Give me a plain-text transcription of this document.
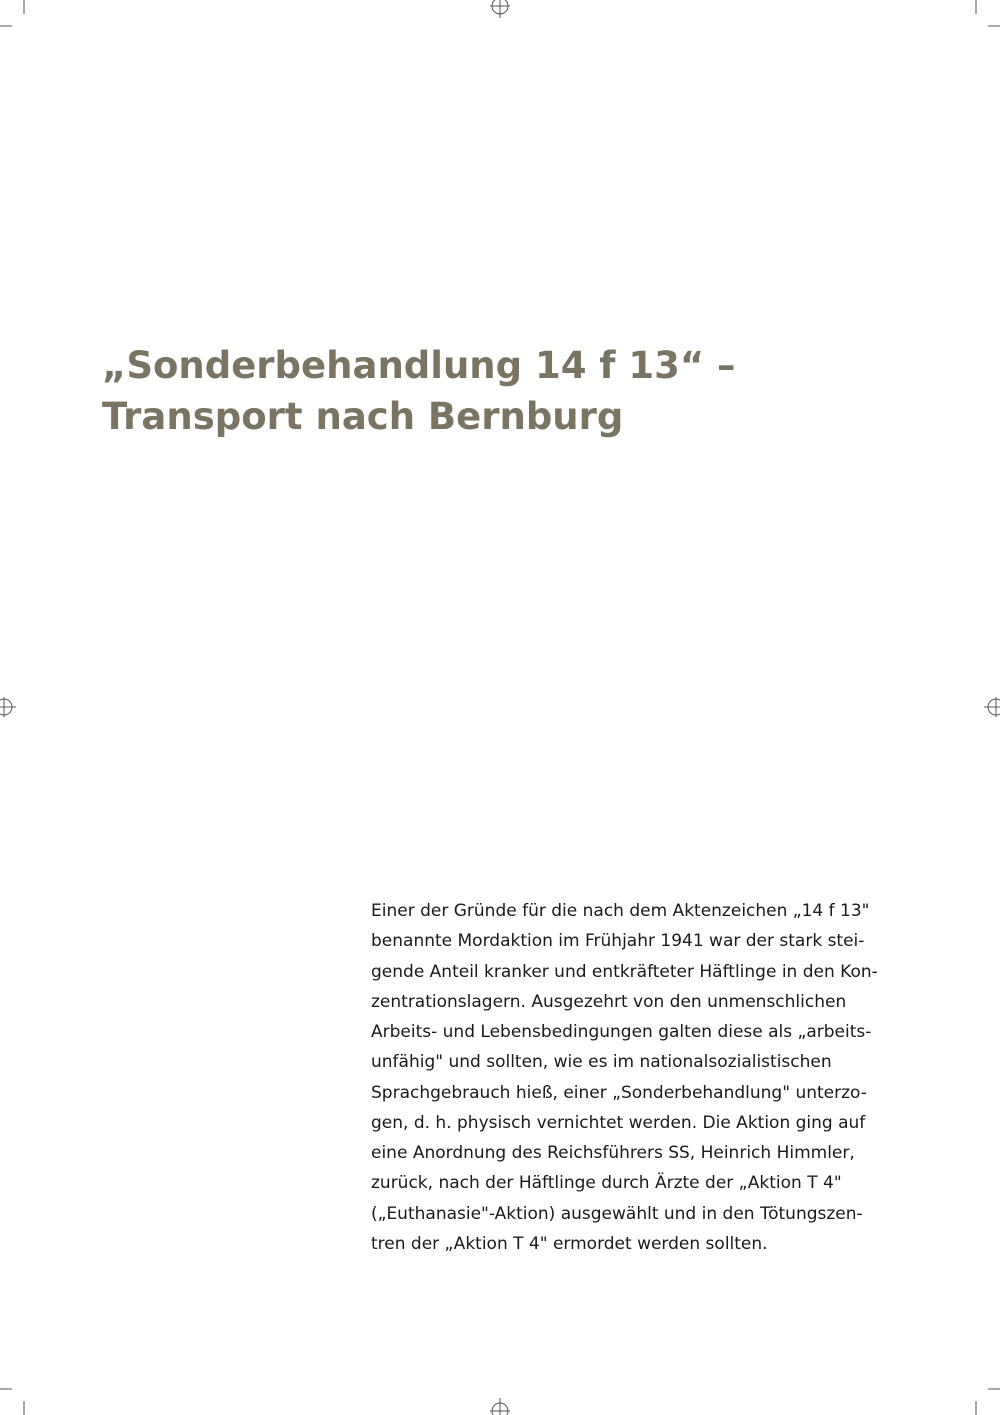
„Sonderbehandlung 14 f 13“ –
Transport nach Bernburg
Einer der Gründe für die nach dem Aktenzeichen „14 f 13"
benannte Mordaktion im Frühjahr 1941 war der stark stei-
gende Anteil kranker und entkräfteter Häftlinge in den Kon-
zentrationslagern. Ausgezehrt von den unmenschlichen
Arbeits- und Lebensbedingungen galten diese als „arbeits-
unfähig" und sollten, wie es im nationalsozialistischen
Sprachgebrauch hieß, einer „Sonderbehandlung" unterzo-
gen, d. h. physisch vernichtet werden. Die Aktion ging auf
eine Anordnung des Reichsführers SS, Heinrich Himmler,
zurück, nach der Häftlinge durch Ärzte der „Aktion T 4"
(„Euthanasie"-Aktion) ausgewählt und in den Tötungszen-
tren der „Aktion T 4" ermordet werden sollten.
